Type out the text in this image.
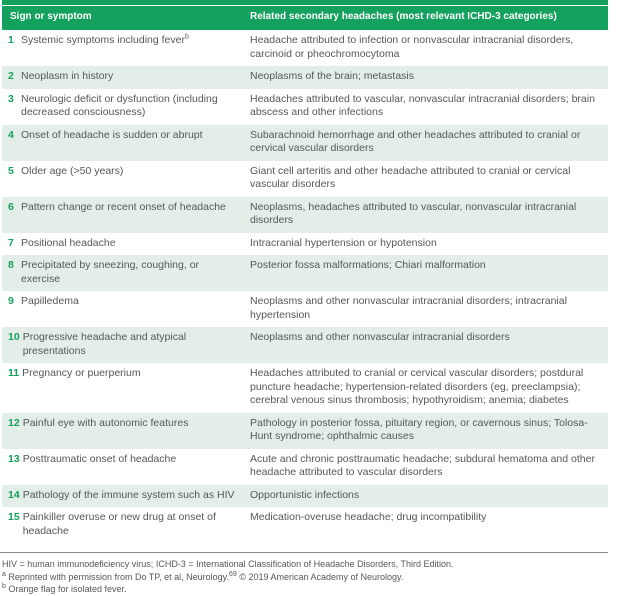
Sign or symptom	Related secondary headaches (most relevant ICHD-3 categories)
1 Systemic symptoms including fever$^b$	Headache attributed to infection or nonvascular intracranial disorders, carcinoid or pheochromocytoma
2 Neoplasm in history	Neoplasms of the brain; metastasis
3 Neurologic deficit or dysfunction (including decreased consciousness)
Headaches attributed to vascular, nonvascular intracranial disorders; brain abscess and other infections
4 Onset of headache is sudden or abrupt	Subarachnoid hemorrhage and other headaches attributed to cranial or cervical vascular disorders
5 Older age (>50 years)	Giant cell arteritis and other headache attributed to cranial or cervical vascular disorders
6 Pattern change or recent onset of headache	Neoplasms, headaches attributed to vascular, nonvascular intracranial disorders
7 Positional headache	Intracranial hypertension or hypotension
8 Precipitated by sneezing, coughing, or exercise
Posterior fossa malformations; Chiari malformation
9 Papilledema	Neoplasms and other nonvascular intracranial disorders; intracranial hypertension
10 Progressive headache and atypical presentations
Neoplasms and other nonvascular intracranial disorders
11 Pregnancy or puerperium	Headaches attributed to cranial or cervical vascular disorders; postdural puncture headache; hypertension-related disorders (eg, preeclampsia); cerebral venous sinus thrombosis; hypothyroidism; anemia; diabetes
12 Painful eye with autonomic features	Pathology in posterior fossa, pituitary region, or cavernous sinus; Tolosa-Hunt syndrome; ophthalmic causes
13 Posttraumatic onset of headache	Acute and chronic posttraumatic headache; subdural hematoma and other headache attributed to vascular disorders
14 Pathology of the immune system such as HIV	Opportunistic infections
15 Painkiller overuse or new drug at onset of headache
Medication-overuse headache; drug incompatibility
HIV = human immunodeficiency virus; ICHD-3 = International Classification of Headache Disorders, Third Edition.
$^a$ Reprinted with permission from Do TP, et al, Neurology.$^{69}$ © 2019 American Academy of Neurology.
$^b$ Orange flag for isolated fever.
